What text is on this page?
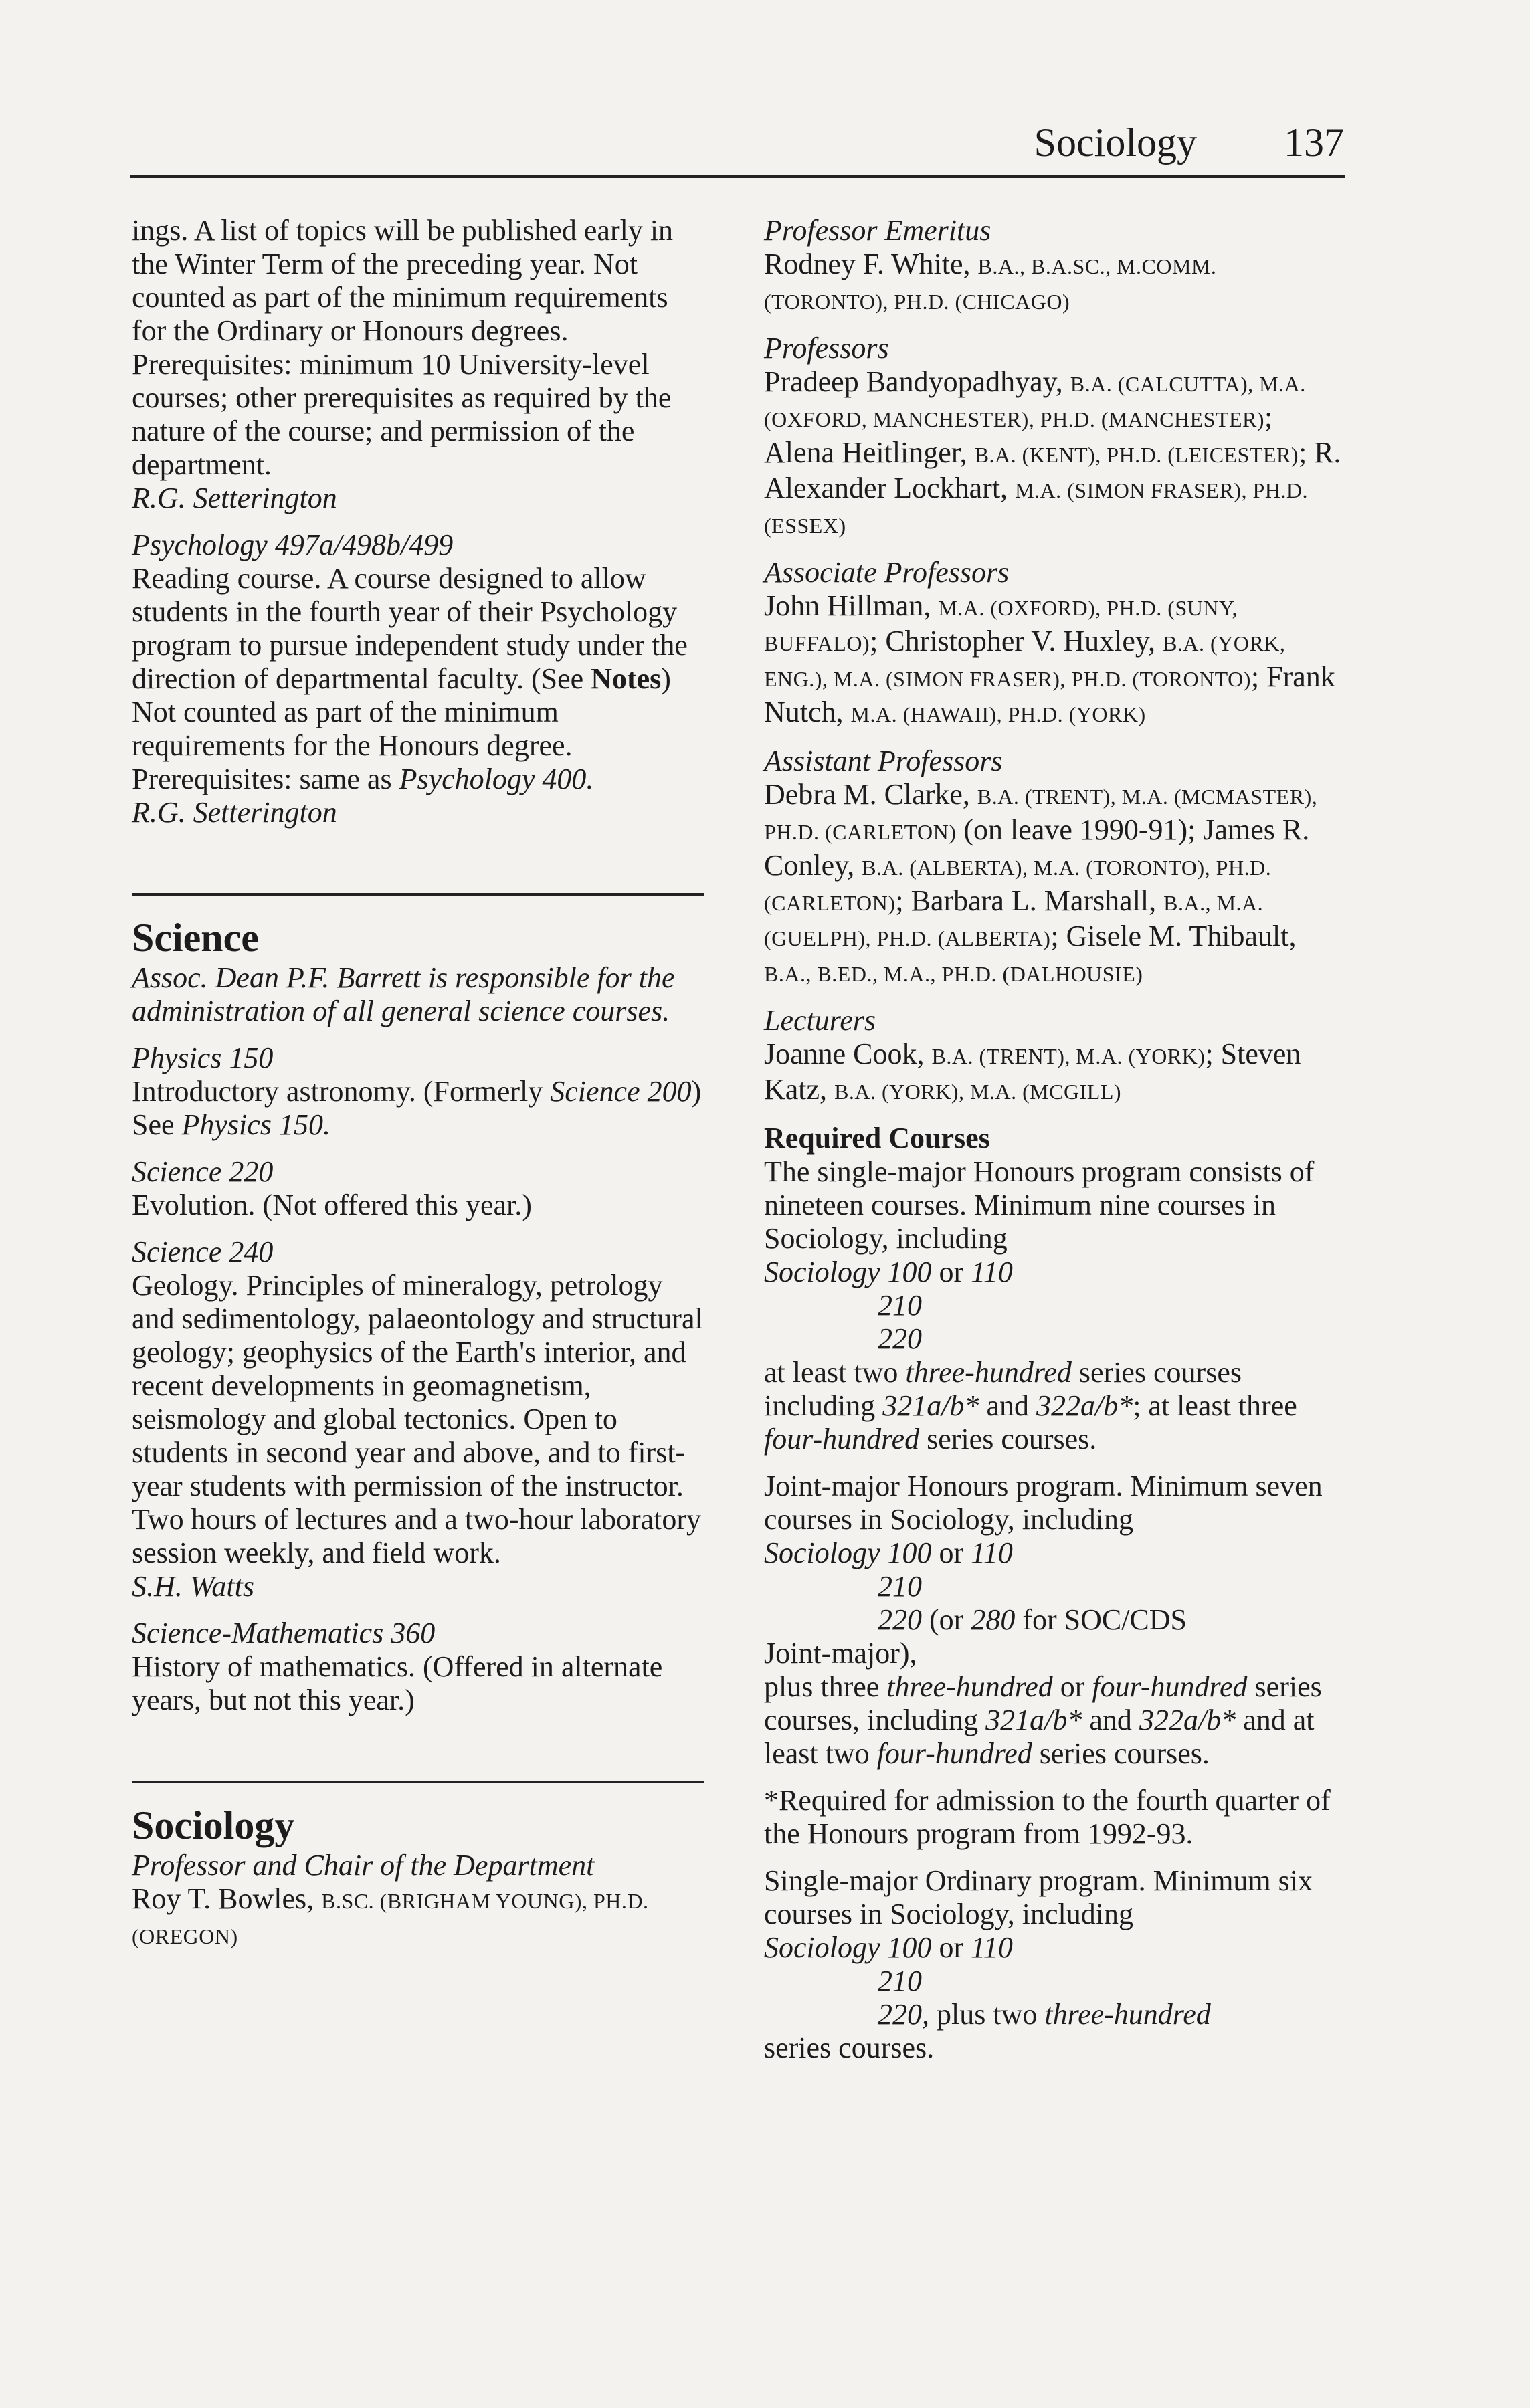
Sociology 137

ings. A list of topics will be published early in the Winter Term of the preceding year. Not counted as part of the minimum requirements for the Ordinary or Honours degrees. Prerequisites: minimum 10 University-level courses; other prerequisites as required by the nature of the course; and permission of the department.

R.G. Setterington

Psychology 497a/498b/499

Reading course. A course designed to allow students in the fourth year of their Psychology program to pursue independent study under the direction of departmental faculty. (See Notes) Not counted as part of the minimum requirements for the Honours degree. Prerequisites: same as Psychology 400.

R.G. Setterington

Science

Assoc. Dean P.F. Barrett is responsible for the administration of all general science courses.

Physics 150

Introductory astronomy. (Formerly Science 200) See Physics 150.

Science 220

Evolution. (Not offered this year.)

Science 240

Geology. Principles of mineralogy, petrology and sedimentology, palaeontology and structural geology; geophysics of the Earth's interior, and recent developments in geomagnetism, seismology and global tectonics. Open to students in second year and above, and to first-year students with permission of the instructor. Two hours of lectures and a two-hour laboratory session weekly, and field work.

S.H. Watts

Science-Mathematics 360

History of mathematics. (Offered in alternate years, but not this year.)

Sociology

Professor and Chair of the Department

Roy T. Bowles, B.SC. (BRIGHAM YOUNG), PH.D. (OREGON)

Professor Emeritus

Rodney F. White, B.A., B.A.SC., M.COMM. (TORONTO), PH.D. (CHICAGO)

Professors

Pradeep Bandyopadhyay, B.A. (CALCUTTA), M.A. (OXFORD, MANCHESTER), PH.D. (MANCHESTER); Alena Heitlinger, B.A. (KENT), PH.D. (LEICESTER); R. Alexander Lockhart, M.A. (SIMON FRASER), PH.D. (ESSEX)

Associate Professors

John Hillman, M.A. (OXFORD), PH.D. (SUNY, BUFFALO); Christopher V. Huxley, B.A. (YORK, ENG.), M.A. (SIMON FRASER), PH.D. (TORONTO); Frank Nutch, M.A. (HAWAII), PH.D. (YORK)

Assistant Professors

Debra M. Clarke, B.A. (TRENT), M.A. (MCMASTER), PH.D. (CARLETON) (on leave 1990-91); James R. Conley, B.A. (ALBERTA), M.A. (TORONTO), PH.D. (CARLETON); Barbara L. Marshall, B.A., M.A. (GUELPH), PH.D. (ALBERTA); Gisele M. Thibault, B.A., B.ED., M.A., PH.D. (DALHOUSIE)

Lecturers

Joanne Cook, B.A. (TRENT), M.A. (YORK); Steven Katz, B.A. (YORK), M.A. (MCGILL)

Required Courses

The single-major Honours program consists of nineteen courses. Minimum nine courses in Sociology, including

Sociology 100 or 110

210

220

at least two three-hundred series courses including 321a/b* and 322a/b*; at least three four-hundred series courses.

Joint-major Honours program. Minimum seven courses in Sociology, including

Sociology 100 or 110

210

220 (or 280 for SOC/CDS

Joint-major),

plus three three-hundred or four-hundred series courses, including 321a/b* and 322a/b* and at least two four-hundred series courses.

*Required for admission to the fourth quarter of the Honours program from 1992-93.

Single-major Ordinary program. Minimum six courses in Sociology, including

Sociology 100 or 110

210

220, plus two three-hundred

series courses.
